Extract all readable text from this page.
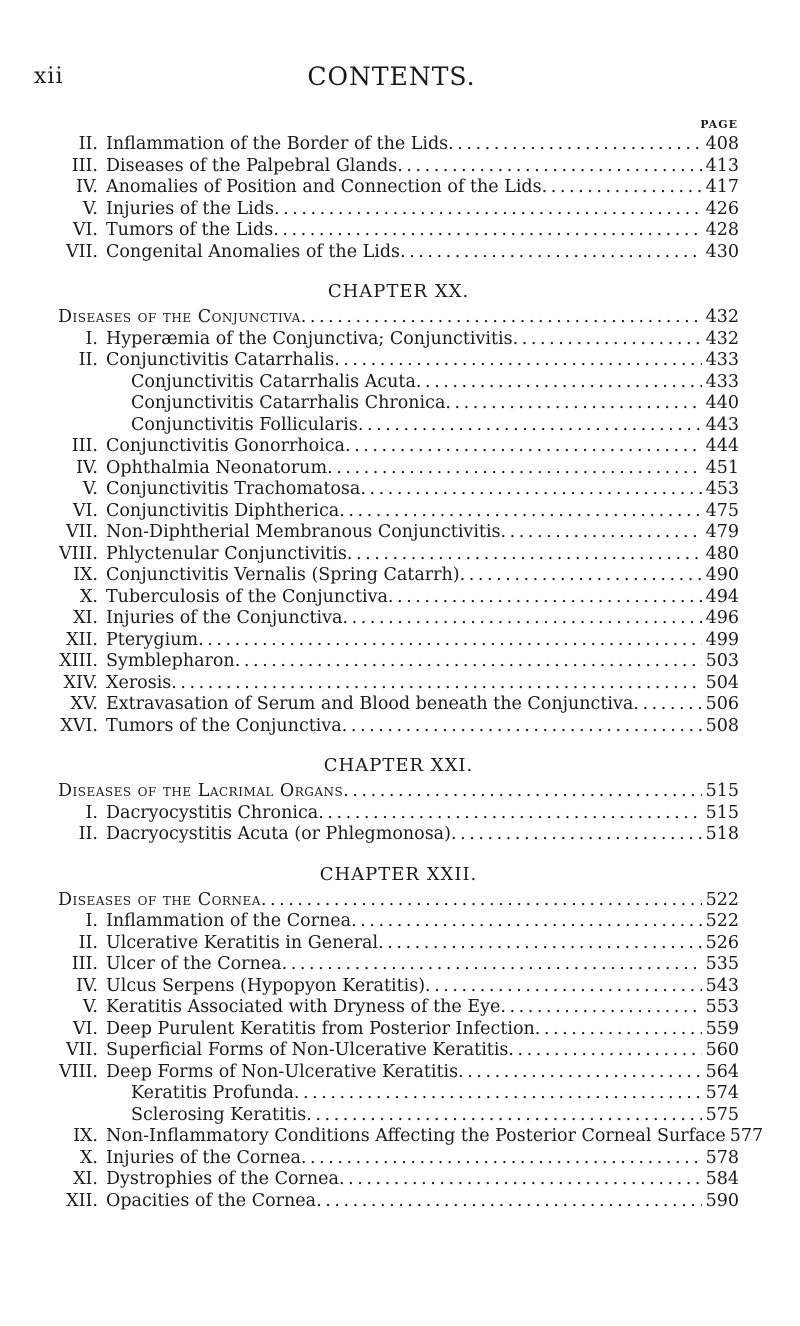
xii	CONTENTS.
PAGE
II. Inflammation of the Border of the Lids . . .	408
III. Diseases of the Palpebral Glands . . .	413
IV. Anomalies of Position and Connection of the Lids . . .	417
V. Injuries of the Lids . . .	426
VI. Tumors of the Lids . . .	428
VII. Congenital Anomalies of the Lids . . .	430
CHAPTER XX.
Diseases of the Conjunctiva . . .	432
I. Hyperæmia of the Conjunctiva; Conjunctivitis . . .	432
II. Conjunctivitis Catarrhalis . . .	433
Conjunctivitis Catarrhalis Acuta . . .	433
Conjunctivitis Catarrhalis Chronica . . .	440
Conjunctivitis Follicularis . . .	443
III. Conjunctivitis Gonorrhoica . . .	444
IV. Ophthalmia Neonatorum . . .	451
V. Conjunctivitis Trachomatosa . . .	453
VI. Conjunctivitis Diphtherica . . .	475
VII. Non-Diphtherial Membranous Conjunctivitis . . .	479
VIII. Phlyctenular Conjunctivitis . . .	480
IX. Conjunctivitis Vernalis (Spring Catarrh) . . .	490
X. Tuberculosis of the Conjunctiva . . .	494
XI. Injuries of the Conjunctiva . . .	496
XII. Pterygium . . .	499
XIII. Symblepharon . . .	503
XIV. Xerosis . . .	504
XV. Extravasation of Serum and Blood beneath the Conjunctiva . . .	506
XVI. Tumors of the Conjunctiva . . .	508
CHAPTER XXI.
Diseases of the Lacrimal Organs . . .	515
I. Dacryocystitis Chronica . . .	515
II. Dacryocystitis Acuta (or Phlegmonosa) . . .	518
CHAPTER XXII.
Diseases of the Cornea . . .	522
I. Inflammation of the Cornea . . .	522
II. Ulcerative Keratitis in General . . .	526
III. Ulcer of the Cornea . . .	535
IV. Ulcus Serpens (Hypopyon Keratitis) . . .	543
V. Keratitis Associated with Dryness of the Eye . . .	553
VI. Deep Purulent Keratitis from Posterior Infection . . .	559
VII. Superficial Forms of Non-Ulcerative Keratitis . . .	560
VIII. Deep Forms of Non-Ulcerative Keratitis . . .	564
Keratitis Profunda . . .	574
Sclerosing Keratitis . . .	575
IX. Non-Inflammatory Conditions Affecting the Posterior Corneal Surface 577
X. Injuries of the Cornea . . .	578
XI. Dystrophies of the Cornea . . .	584
XII. Opacities of the Cornea . . .	590
